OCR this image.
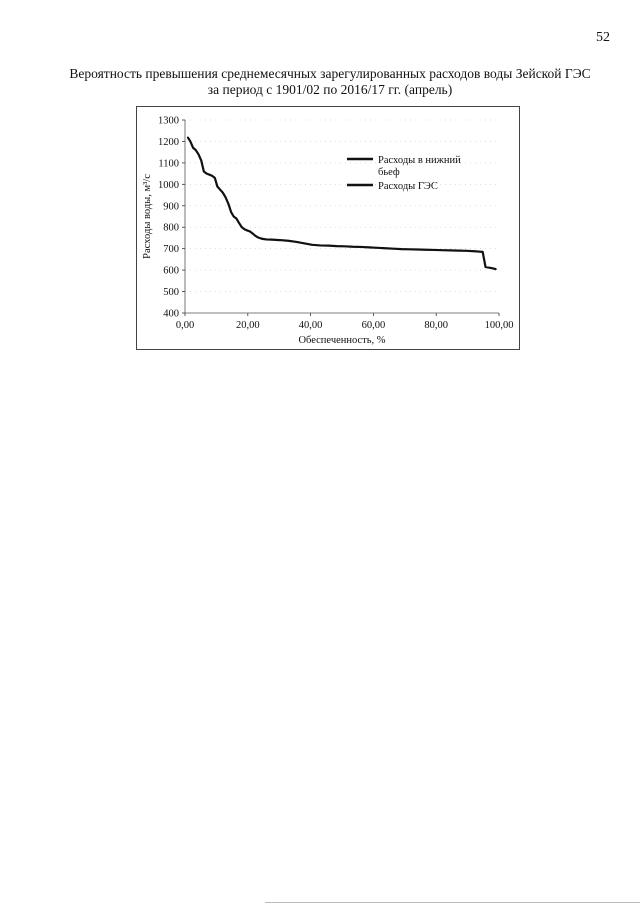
52
Вероятность превышения среднемесячных зарегулированных расходов воды Зейской ГЭС
за период с 1901/02 по 2016/17 гг. (апрель)
400
500
600
700
800
900
1000
1100
1200
1300
0,00	20,00	40,00	60,00	80,00	100,00
Расходы в нижний бьеф
Расходы ГЭС
Расходы воды, м³/с
Обеспеченность, %
